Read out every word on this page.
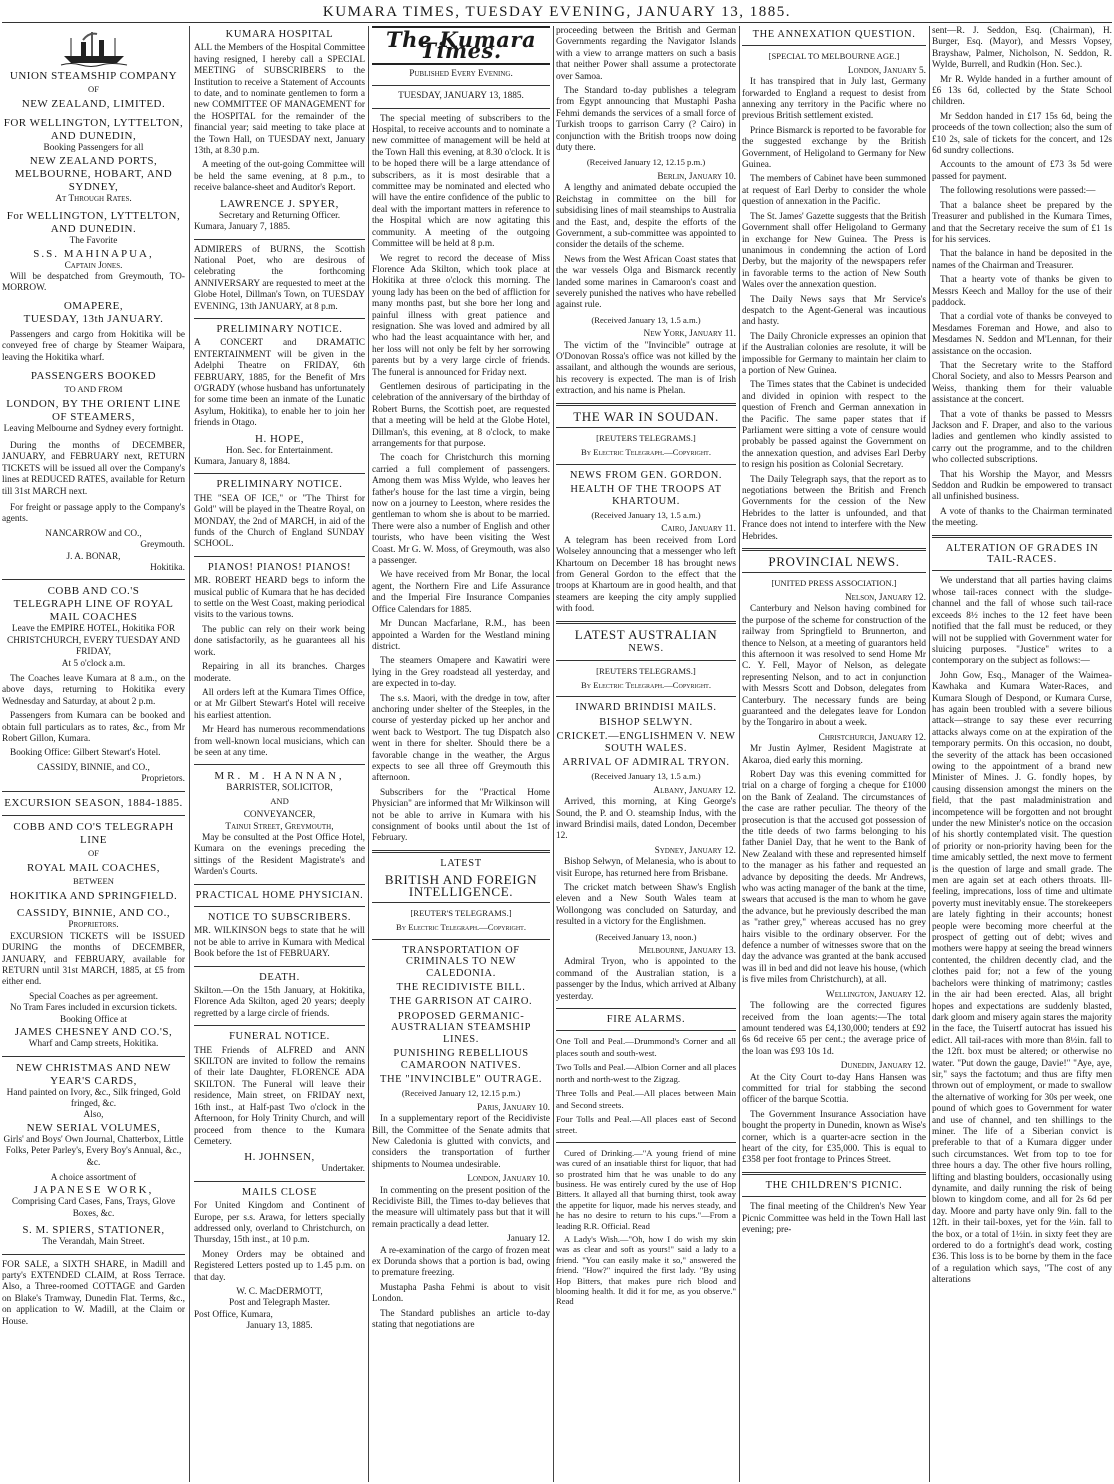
KUMARA TIMES, TUESDAY EVENING, JANUARY 13, 1885.
UNION STEAMSHIP COMPANY
OF
NEW ZEALAND, LIMITED.
FOR WELLINGTON, LYTTELTON, AND DUNEDIN,
Booking Passengers for all
NEW ZEALAND PORTS, MELBOURNE, HOBART, AND SYDNEY,
At Through Rates.
For WELLINGTON, LYTTELTON, AND DUNEDIN.
The Favorite
S.S. MAHINAPUA,
Captain Jones.

Will be despatched from Greymouth, TO-MORROW.

OMAPERE,
TUESDAY, 13th JANUARY.

Passengers and cargo from Hokitika will be conveyed free of charge by Steamer Waipara, leaving the Hokitika wharf.

PASSENGERS BOOKED
TO AND FROM
LONDON, BY THE ORIENT LINE OF STEAMERS,
Leaving Melbourne and Sydney every fortnight.

During the months of DECEMBER, JANUARY, and FEBRUARY next, RETURN TICKETS will be issued all over the Company's lines at REDUCED RATES, available for Return till 31st MARCH next.

For freight or passage apply to the Company's agents.

NANCARROW and CO.,
Greymouth.
J. A. BONAR,
Hokitika.
COBB AND CO.'S
TELEGRAPH LINE OF ROYAL MAIL COACHES
Leave the EMPIRE HOTEL, Hokitika FOR CHRISTCHURCH, EVERY TUESDAY AND FRIDAY,
At 5 o'clock a.m.

The Coaches leave Kumara at 8 a.m., on the above days, returning to Hokitika every Wednesday and Saturday, at about 2 p.m.

Passengers from Kumara can be booked and obtain full particulars as to rates, &c., from Mr Robert Gillon, Kumara.

Booking Office: Gilbert Stewart's Hotel.

CASSIDY, BINNIE, and CO.,
Proprietors.
EXCURSION SEASON, 1884-1885.
COBB AND CO'S TELEGRAPH LINE
OF
ROYAL MAIL COACHES,
BETWEEN
HOKITIKA AND SPRINGFIELD.
CASSIDY, BINNIE, AND CO.,
Proprietors.

EXCURSION TICKETS will be ISSUED DURING the months of DECEMBER, JANUARY, and FEBRUARY, available for RETURN until 31st MARCH, 1885, at £5 from either end.

Special Coaches as per agreement.
No Tram Fares included in excursion tickets.
Booking Office at
JAMES CHESNEY AND CO.'S,
Wharf and Camp streets, Hokitika.
NEW CHRISTMAS AND NEW YEAR'S CARDS,
Hand painted on Ivory, &c., Silk fringed, Gold fringed, &c.
Also,
NEW SERIAL VOLUMES,
Girls' and Boys' Own Journal, Chatterbox, Little Folks, Peter Parley's, Every Boy's Annual, &c., &c.
A choice assortment of
JAPANESE WORK,
Comprising Card Cases, Fans, Trays, Glove Boxes, &c.
S. M. SPIERS, STATIONER,
The Verandah, Main Street.

FOR SALE, a SIXTH SHARE, in Madill and party's EXTENDED CLAIM, at Ross Terrace. Also, a Three-roomed COTTAGE and Garden on Blake's Tramway, Dunedin Flat. Terms, &c., on application to W. Madill, at the Claim or House.

KUMARA HOSPITAL

ALL the Members of the Hospital Committee having resigned, I hereby call a SPECIAL MEETING of SUBSCRIBERS to the Institution to receive a Statement of Accounts to date, and to nominate gentlemen to form a new COMMITTEE OF MANAGEMENT for the HOSPITAL for the remainder of the financial year; said meeting to take place at the Town Hall, on TUESDAY next, January 13th, at 8.30 p.m.

A meeting of the out-going Committee will be held the same evening, at 8 p.m., to receive balance-sheet and Auditor's Report.

LAWRENCE J. SPYER,
Secretary and Returning Officer.
Kumara, January 7, 1885.

ADMIRERS of BURNS, the Scottish National Poet, who are desirous of celebrating the forthcoming ANNIVERSARY are requested to meet at the Globe Hotel, Dillman's Town, on TUESDAY EVENING, 13th JANUARY, at 8 p.m.

PRELIMINARY NOTICE.

A CONCERT and DRAMATIC ENTERTAINMENT will be given in the Adelphi Theatre on FRIDAY, 6th FEBRUARY, 1885, for the Benefit of Mrs O'GRADY (whose husband has unfortunately for some time been an inmate of the Lunatic Asylum, Hokitika), to enable her to join her friends in Otago.

H. HOPE,
Hon. Sec. for Entertainment.
Kumara, January 8, 1884.
PRELIMINARY NOTICE.

THE "SEA OF ICE," or "The Thirst for Gold" will be played in the Theatre Royal, on MONDAY, the 2nd of MARCH, in aid of the funds of the Church of England SUNDAY SCHOOL.

PIANOS! PIANOS! PIANOS!

MR. ROBERT HEARD begs to inform the musical public of Kumara that he has decided to settle on the West Coast, making periodical visits to the various towns.

The public can rely on their work being done satisfactorily, as he guarantees all his work.

Repairing in all its branches. Charges moderate.

All orders left at the Kumara Times Office, or at Mr Gilbert Stewart's Hotel will receive his earliest attention.

Mr Heard has numerous recommendations from well-known local musicians, which can be seen at any time.

MR. M. HANNAN,
BARRISTER, SOLICITOR,
AND
CONVEYANCER,
Tainui Street, Greymouth,

May be consulted at the Post Office Hotel, Kumara on the evenings preceding the sittings of the Resident Magistrate's and Warden's Courts.

PRACTICAL HOME PHYSICIAN.
NOTICE TO SUBSCRIBERS.

MR. WILKINSON begs to state that he will not be able to arrive in Kumara with Medical Book before the 1st of FEBRUARY.

DEATH.

Skilton.—On the 15th January, at Hokitika, Florence Ada Skilton, aged 20 years; deeply regretted by a large circle of friends.

FUNERAL NOTICE.

THE Friends of ALFRED and ANN SKILTON are invited to follow the remains of their late Daughter, FLORENCE ADA SKILTON. The Funeral will leave their residence, Main street, on FRIDAY next, 16th inst., at Half-past Two o'clock in the Afternoon, for Holy Trinity Church, and will proceed from thence to the Kumara Cemetery.

H. JOHNSEN,
Undertaker.
MAILS CLOSE

For United Kingdom and Continent of Europe, per s.s. Arawa, for letters specially addressed only, overland to Christchurch, on Thursday, 15th inst., at 10 p.m.

Money Orders may be obtained and Registered Letters posted up to 1.45 p.m. on that day.

W. C. MacDERMOTT,
Post and Telegraph Master.
Post Office, Kumara,
January 13, 1885.
The Kumara Times.
Published Every Evening.
TUESDAY, JANUARY 13, 1885.

The special meeting of subscribers to the Hospital, to receive accounts and to nominate a new committee of management will be held at the Town Hall this evening, at 8.30 o'clock. It is to be hoped there will be a large attendance of subscribers, as it is most desirable that a committee may be nominated and elected who will have the entire confidence of the public to deal with the important matters in reference to the Hospital which are now agitating this community. A meeting of the outgoing Committee will be held at 8 p.m.

We regret to record the decease of Miss Florence Ada Skilton, which took place at Hokitika at three o'clock this morning. The young lady has been on the bed of affliction for many months past, but she bore her long and painful illness with great patience and resignation. She was loved and admired by all who had the least acquaintance with her, and her loss will not only be felt by her sorrowing parents but by a very large circle of friends. The funeral is announced for Friday next.

Gentlemen desirous of participating in the celebration of the anniversary of the birthday of Robert Burns, the Scottish poet, are requested that a meeting will be held at the Globe Hotel, Dillman's, this evening, at 8 o'clock, to make arrangements for that purpose.

The coach for Christchurch this morning carried a full complement of passengers. Among them was Miss Wylde, who leaves her father's house for the last time a virgin, being now on a journey to Leeston, where resides the gentleman to whom she is about to be married. There were also a number of English and other tourists, who have been visiting the West Coast. Mr G. W. Moss, of Greymouth, was also a passenger.

We have received from Mr Bonar, the local agent, the Northern Fire and Life Assurance and the Imperial Fire Insurance Companies Office Calendars for 1885.

Mr Duncan Macfarlane, R.M., has been appointed a Warden for the Westland mining district.

The steamers Omapere and Kawatiri were lying in the Grey roadstead all yesterday, and are expected in to-day.

The s.s. Maori, with the dredge in tow, after anchoring under shelter of the Steeples, in the course of yesterday picked up her anchor and went back to Westport. The tug Dispatch also went in there for shelter. Should there be a favorable change in the weather, the Argus expects to see all three off Greymouth this afternoon.

Subscribers for the "Practical Home Physician" are informed that Mr Wilkinson will not be able to arrive in Kumara with his consignment of books until about the 1st of February.

LATEST
BRITISH AND FOREIGN INTELLIGENCE.
[REUTER'S TELEGRAMS.]
By Electric Telegraph.—Copyright.
TRANSPORTATION OF CRIMINALS TO NEW CALEDONIA.
THE RECIDIVISTE BILL.
THE GARRISON AT CAIRO.
PROPOSED GERMANIC-AUSTRALIAN STEAMSHIP LINES.
PUNISHING REBELLIOUS CAMAROON NATIVES.
THE "INVINCIBLE" OUTRAGE.
(Received January 12, 12.15 p.m.)
Paris, January 10.

In a supplementary report of the Recidiviste Bill, the Committee of the Senate admits that New Caledonia is glutted with convicts, and considers the transportation of further shipments to Noumea undesirable.

London, January 10.

In commenting on the present position of the Recidiviste Bill, the Times to-day believes that the measure will ultimately pass but that it will remain practically a dead letter.

January 12.

A re-examination of the cargo of frozen meat ex Dorunda shows that a portion is bad, owing to premature freezing.

Mustapha Pasha Fehmi is about to visit London.

The Standard publishes an article to-day stating that negotiations are

proceeding between the British and German Governments regarding the Navigator Islands with a view to arrange matters on such a basis that neither Power shall assume a protectorate over Samoa.

The Standard to-day publishes a telegram from Egypt announcing that Mustaphi Pasha Fehmi demands the services of a small force of Turkish troops to garrison Carry (? Cairo) in conjunction with the British troops now doing duty there.

(Received January 12, 12.15 p.m.)
Berlin, January 10.

A lengthy and animated debate occupied the Reichstag in committee on the bill for subsidising lines of mail steamships to Australia and the East, and, despite the efforts of the Government, a sub-committee was appointed to consider the details of the scheme.

News from the West African Coast states that the war vessels Olga and Bismarck recently landed some marines in Camaroon's coast and severely punished the natives who have rebelled against rule.

(Received January 13, 1.5 a.m.)
New York, January 11.

The victim of the "Invincible" outrage at O'Donovan Rossa's office was not killed by the assailant, and although the wounds are serious, his recovery is expected. The man is of Irish extraction, and his name is Phelan.

THE WAR IN SOUDAN.
[REUTERS TELEGRAMS.]
By Electric Telegraph.—Copyright.
NEWS FROM GEN. GORDON.
HEALTH OF THE TROOPS AT KHARTOUM.
(Received January 13, 1.5 a.m.)
Cairo, January 11.

A telegram has been received from Lord Wolseley announcing that a messenger who left Khartoum on December 18 has brought news from General Gordon to the effect that the troops at Khartoum are in good health, and that steamers are keeping the city amply supplied with food.

LATEST AUSTRALIAN
NEWS.
[REUTERS TELEGRAMS.]
By Electric Telegraph.—Copyright.
INWARD BRINDISI MAILS.
BISHOP SELWYN.
CRICKET.—ENGLISHMEN V. NEW SOUTH WALES.
ARRIVAL OF ADMIRAL TRYON.
(Received January 13, 1.5 a.m.)
Albany, January 12.

Arrived, this morning, at King George's Sound, the P. and O. steamship Indus, with the inward Brindisi mails, dated London, December 12.

Sydney, January 12.

Bishop Selwyn, of Melanesia, who is about to visit Europe, has returned here from Brisbane.

The cricket match between Shaw's English eleven and a New South Wales team at Wollongong was concluded on Saturday, and resulted in a victory for the Englishmen.

(Received January 13, noon.)
Melbourne, January 13.

Admiral Tryon, who is appointed to the command of the Australian station, is a passenger by the Indus, which arrived at Albany yesterday.

FIRE ALARMS.

One Toll and Peal.—Drummond's Corner and all places south and south-west.

Two Tolls and Peal.—Albion Corner and all places north and north-west to the Zigzag.

Three Tolls and Peal.—All places between Main and Second streets.

Four Tolls and Peal.—All places east of Second street.

Cured of Drinking.—"A young friend of mine was cured of an insatiable thirst for liquor, that had so prostrated him that he was unable to do any business. He was entirely cured by the use of Hop Bitters. It allayed all that burning thirst, took away the appetite for liquor, made his nerves steady, and he has no desire to return to his cups."—From a leading R.R. Official. Read

A Lady's Wish.—"Oh, how I do wish my skin was as clear and soft as yours!" said a lady to a friend. "You can easily make it so," answered the friend. "How?" inquired the first lady. "By using Hop Bitters, that makes pure rich blood and blooming health. It did it for me, as you observe." Read

THE ANNEXATION QUESTION.
[SPECIAL TO MELBOURNE AGE.]
London, January 5.

It has transpired that in July last, Germany forwarded to England a request to desist from annexing any territory in the Pacific where no previous British settlement existed.

Prince Bismarck is reported to be favorable for the suggested exchange by the British Government, of Heligoland to Germany for New Guinea.

The members of Cabinet have been summoned at request of Earl Derby to consider the whole question of annexation in the Pacific.

The St. James' Gazette suggests that the British Government shall offer Heligoland to Germany in exchange for New Guinea. The Press is unanimous in condemning the action of Lord Derby, but the majority of the newspapers refer in favorable terms to the action of New South Wales over the annexation question.

The Daily News says that Mr Service's despatch to the Agent-General was incautious and hasty.

The Daily Chronicle expresses an opinion that if the Australian colonies are resolute, it will be impossible for Germany to maintain her claim to a portion of New Guinea.

The Times states that the Cabinet is undecided and divided in opinion with respect to the question of French and German annexation in the Pacific. The same paper states that if Parliament were sitting a vote of censure would probably be passed against the Government on the annexation question, and advises Earl Derby to resign his position as Colonial Secretary.

The Daily Telegraph says, that the report as to negotiations between the British and French Governments for the cession of the New Hebrides to the latter is unfounded, and that France does not intend to interfere with the New Hebrides.

PROVINCIAL NEWS.
[UNITED PRESS ASSOCIATION.]
Nelson, January 12.

Canterbury and Nelson having combined for the purpose of the scheme for construction of the railway from Springfield to Brunnerton, and thence to Nelson, at a meeting of guarantors held this afternoon it was resolved to send Home Mr C. Y. Fell, Mayor of Nelson, as delegate representing Nelson, and to act in conjunction with Messrs Scott and Dobson, delegates from Canterbury. The necessary funds are being guaranteed and the delegates leave for London by the Tongariro in about a week.

Christchurch, January 12.

Mr Justin Aylmer, Resident Magistrate at Akaroa, died early this morning.

Robert Day was this evening committed for trial on a charge of forging a cheque for £1000 on the Bank of Zealand. The circumstances of the case are rather peculiar. The theory of the prosecution is that the accused got possession of the title deeds of two farms belonging to his father Daniel Day, that he went to the Bank of New Zealand with these and represented himself to the manager as his father and requested an advance by depositing the deeds. Mr Andrews, who was acting manager of the bank at the time, swears that accused is the man to whom he gave the advance, but he previously described the man as "rather grey," whereas accused has no grey hairs visible to the ordinary observer. For the defence a number of witnesses swore that on the day the advance was granted at the bank accused was ill in bed and did not leave his house, (which is five miles from Christchurch), at all.

Wellington, January 12.

The following are the corrected figures received from the loan agents:—The total amount tendered was £4,130,000; tenders at £92 6s 6d receive 65 per cent.; the average price of the loan was £93 10s 1d.

Dunedin, January 12.

At the City Court to-day Hans Hansen was committed for trial for stabbing the second officer of the barque Scottia.

The Government Insurance Association have bought the property in Dunedin, known as Wise's corner, which is a quarter-acre section in the heart of the city, for £35,000. This is equal to £358 per foot frontage to Princes Street.

THE CHILDREN'S PICNIC.

The final meeting of the Children's New Year Picnic Committee was held in the Town Hall last evening; pre-

sent—R. J. Seddon, Esq. (Chairman), H. Burger, Esq. (Mayor), and Messrs Vopsey, Brayshaw, Palmer, Nicholson, N. Seddon, R. Wylde, Burrell, and Rudkin (Hon. Sec.).

Mr R. Wylde handed in a further amount of £6 13s 6d, collected by the State School children.

Mr Seddon handed in £17 15s 6d, being the proceeds of the town collection; also the sum of £10 2s, sale of tickets for the concert, and 12s 6d sundry collections.

Accounts to the amount of £73 3s 5d were passed for payment.

The following resolutions were passed:—

That a balance sheet be prepared by the Treasurer and published in the Kumara Times, and that the Secretary receive the sum of £1 1s for his services.

That the balance in hand be deposited in the names of the Chairman and Treasurer.

That a hearty vote of thanks be given to Messrs Keech and Malloy for the use of their paddock.

That a cordial vote of thanks be conveyed to Mesdames Foreman and Howe, and also to Mesdames N. Seddon and M'Lennan, for their assistance on the occasion.

That the Secretary write to the Stafford Choral Society, and also to Messrs Pearson and Weiss, thanking them for their valuable assistance at the concert.

That a vote of thanks be passed to Messrs Jackson and F. Draper, and also to the various ladies and gentlemen who kindly assisted to carry out the programme, and to the children who collected subscriptions.

That his Worship the Mayor, and Messrs Seddon and Rudkin be empowered to transact all unfinished business.

A vote of thanks to the Chairman terminated the meeting.

ALTERATION OF GRADES IN TAIL-RACES.

We understand that all parties having claims whose tail-races connect with the sludge-channel and the fall of whose such tail-race exceeds 8½ inches to the 12 feet have been notified that the fall must be reduced, or they will not be supplied with Government water for sluicing purposes. "Justice" writes to a contemporary on the subject as follows:—

John Gow, Esq., Manager of the Waimea-Kawhaka and Kumara Water-Races, and Kumara Slough of Despond, or Kumara Curse, has again been troubled with a severe bilious attack—strange to say these ever recurring attacks always come on at the expiration of the temporary permits. On this occasion, no doubt, the severity of the attack has been occasioned owing to the appointment of a brand new Minister of Mines. J. G. fondly hopes, by causing dissension amongst the miners on the field, that the past maladministration and incompetence will be forgotten and not brought under the new Minister's notice on the occasion of his shortly contemplated visit. The question of priority or non-priority having been for the time amicably settled, the next move to ferment is the question of large and small grade. The men are again set at each others throats. Ill-feeling, imprecations, loss of time and ultimate poverty must inevitably ensue. The storekeepers are lately fighting in their accounts; honest people were becoming more cheerful at the prospect of getting out of debt; wives and mothers were happy at seeing the bread winners contented, the children decently clad, and the clothes paid for; not a few of the young bachelors were thinking of matrimony; castles in the air had been erected. Alas, all bright hopes and expectations are suddenly blasted, dark gloom and misery again stares the majority in the face, the Tuisertf autocrat has issued his edict. All tail-races with more than 8½in. fall to the 12ft. box must be altered; or otherwise no water. "Put down the gauge, Davie!" "Aye, aye, sir," says the factotum; and thus are fifty men thrown out of employment, or made to swallow the alternative of working for 30s per week, one pound of which goes to Government for water and use of channel, and ten shillings to the miner. The life of a Siberian convict is preferable to that of a Kumara digger under such circumstances. Wet from top to toe for three hours a day. The other five hours rolling, lifting and blasting boulders, occasionally using dynamite, and daily running the risk of being blown to kingdom come, and all for 2s 6d per day. Moore and party have only 9in. fall to the 12ft. in their tail-boxes, yet for the ½in. fall to the box, or a total of 1½in. in sixty feet they are ordered to do a fortnight's dead work, costing £36. This loss is to be borne by them in the face of a regulation which says, "The cost of any alterations
